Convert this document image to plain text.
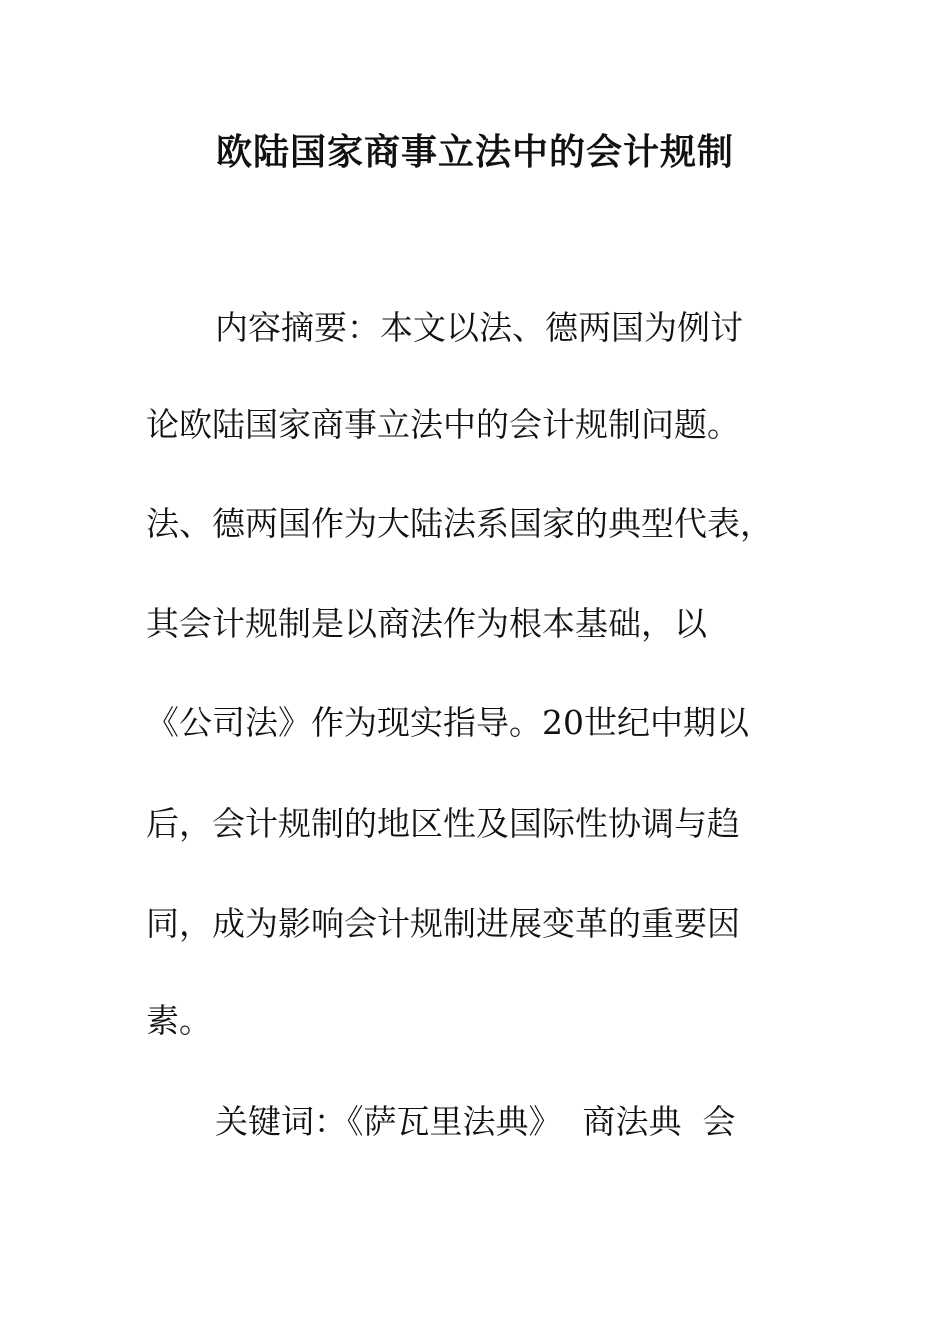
欧陆国家商事立法中的会计规制
内容摘要：本文以法、德两国为例讨
论欧陆国家商事立法中的会计规制问题。
法、德两国作为大陆法系国家的典型代表，
其会计规制是以商法作为根本基础，以
《公司法》作为现实指导。20世纪中期以
后，会计规制的地区性及国际性协调与趋
同，成为影响会计规制进展变革的重要因
素。
关键词：《萨瓦里法典》  商法典  会
